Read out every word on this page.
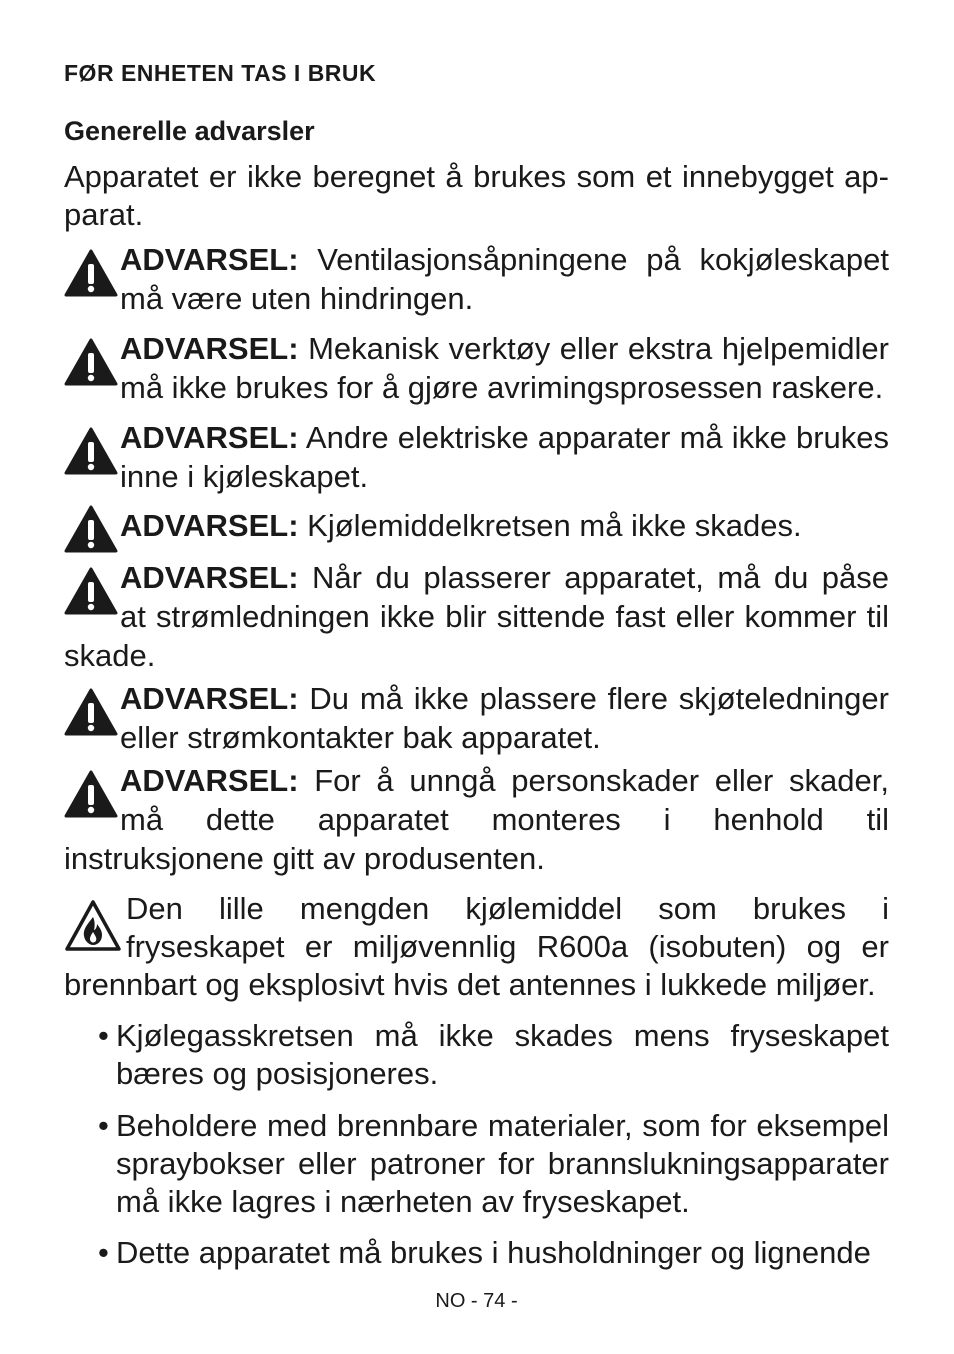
FØR ENHETEN TAS I BRUK
Generelle advarsler
Apparatet er ikke beregnet å brukes som et innebygget ap-parat.
ADVARSEL: Ventilasjonsåpningene på kokjøleskapet må være uten hindringen.
ADVARSEL: Mekanisk verktøy eller ekstra hjelpemidler må ikke brukes for å gjøre avrimingsprosessen raskere.
ADVARSEL: Andre elektriske apparater må ikke brukes inne i kjøleskapet.
ADVARSEL: Kjølemiddelkretsen må ikke skades.
ADVARSEL: Når du plasserer apparatet, må du påse at strømledningen ikke blir sittende fast eller kommer til skade.
ADVARSEL: Du må ikke plassere flere skjøteledninger eller strømkontakter bak apparatet.
ADVARSEL: For å unngå personskader eller skader, må dette apparatet monteres i henhold til instruksjonene gitt av produsenten.
Den lille mengden kjølemiddel som brukes i fryseskapet er miljøvennlig R600a (isobuten) og er brennbart og eksplosivt hvis det antennes i lukkede miljøer.
• Kjølegasskretsen må ikke skades mens fryseskapet bæres og posisjoneres.
• Beholdere med brennbare materialer, som for eksempel spraybokser eller patroner for brannslukningsapparater må ikke lagres i nærheten av fryseskapet.
• Dette apparatet må brukes i husholdninger og lignende
NO - 74 -
